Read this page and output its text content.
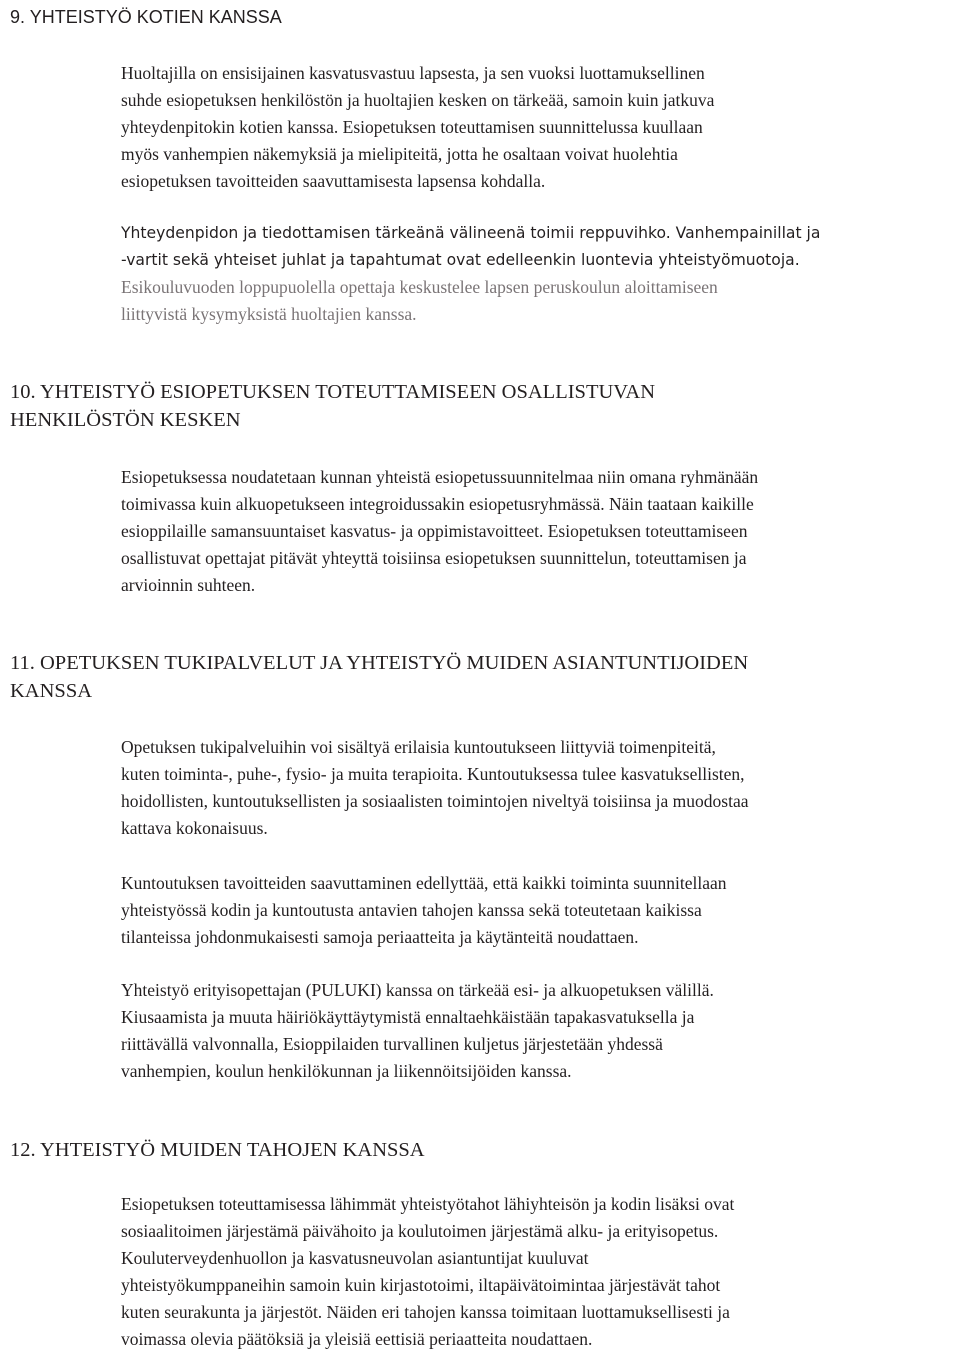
9. YHTEISTYÖ KOTIEN KANSSA
Huoltajilla on ensisijainen kasvatusvastuu lapsesta, ja sen vuoksi luottamuksellinen
suhde esiopetuksen henkilöstön ja huoltajien kesken on tärkeää, samoin kuin jatkuva
yhteydenpitokin kotien kanssa. Esiopetuksen toteuttamisen suunnittelussa kuullaan
myös vanhempien näkemyksiä ja mielipiteitä, jotta he osaltaan voivat huolehtia
esiopetuksen tavoitteiden saavuttamisesta lapsensa kohdalla.
Yhteydenpidon ja tiedottamisen tärkeänä välineenä toimii reppuvihko. Vanhempainillat ja
-vartit sekä yhteiset juhlat ja tapahtumat ovat edelleenkin luontevia yhteistyömuotoja.
Esikouluvuoden loppupuolella opettaja keskustelee lapsen peruskoulun aloittamiseen
liittyvistä kysymyksistä huoltajien kanssa.
10. YHTEISTYÖ ESIOPETUKSEN TOTEUTTAMISEEN OSALLISTUVAN
HENKILÖSTÖN KESKEN
Esiopetuksessa noudatetaan kunnan yhteistä esiopetussuunnitelmaa niin omana ryhmänään
toimivassa kuin alkuopetukseen integroidussakin esiopetusryhmässä. Näin taataan kaikille
esioppilaille samansuuntaiset kasvatus- ja oppimistavoitteet. Esiopetuksen toteuttamiseen
osallistuvat opettajat pitävät yhteyttä toisiinsa esiopetuksen suunnittelun, toteuttamisen ja
arvioinnin suhteen.
11. OPETUKSEN TUKIPALVELUT JA YHTEISTYÖ MUIDEN ASIANTUNTIJOIDEN
KANSSA
Opetuksen tukipalveluihin voi sisältyä erilaisia kuntoutukseen liittyviä toimenpiteitä,
kuten toiminta-, puhe-, fysio- ja muita terapioita. Kuntoutuksessa tulee kasvatuksellisten,
hoidollisten, kuntoutuksellisten ja sosiaalisten toimintojen niveltyä toisiinsa ja muodostaa
kattava kokonaisuus.
Kuntoutuksen tavoitteiden saavuttaminen edellyttää, että kaikki toiminta suunnitellaan
yhteistyössä kodin ja kuntoutusta antavien tahojen kanssa sekä toteutetaan kaikissa
tilanteissa johdonmukaisesti samoja periaatteita ja käytänteitä noudattaen.
Yhteistyö erityisopettajan (PULUKI) kanssa on tärkeää esi- ja alkuopetuksen välillä.
Kiusaamista ja muuta häiriökäyttäytymistä ennaltaehkäistään tapakasvatuksella ja
riittävällä valvonnalla, Esioppilaiden turvallinen kuljetus järjestetään yhdessä
vanhempien, koulun henkilökunnan ja liikennöitsijöiden kanssa.
12. YHTEISTYÖ MUIDEN TAHOJEN KANSSA
Esiopetuksen toteuttamisessa lähimmät yhteistyötahot lähiyhteisön ja kodin lisäksi ovat
sosiaalitoimen järjestämä päivähoito ja koulutoimen järjestämä alku- ja erityisopetus.
Kouluterveydenhuollon ja kasvatusneuvolan asiantuntijat kuuluvat
yhteistyökumppaneihin samoin kuin kirjastotoimi, iltapäivätoimintaa järjestävät tahot
kuten seurakunta ja järjestöt. Näiden eri tahojen kanssa toimitaan luottamuksellisesti ja
voimassa olevia päätöksiä ja yleisiä eettisiä periaatteita noudattaen.
